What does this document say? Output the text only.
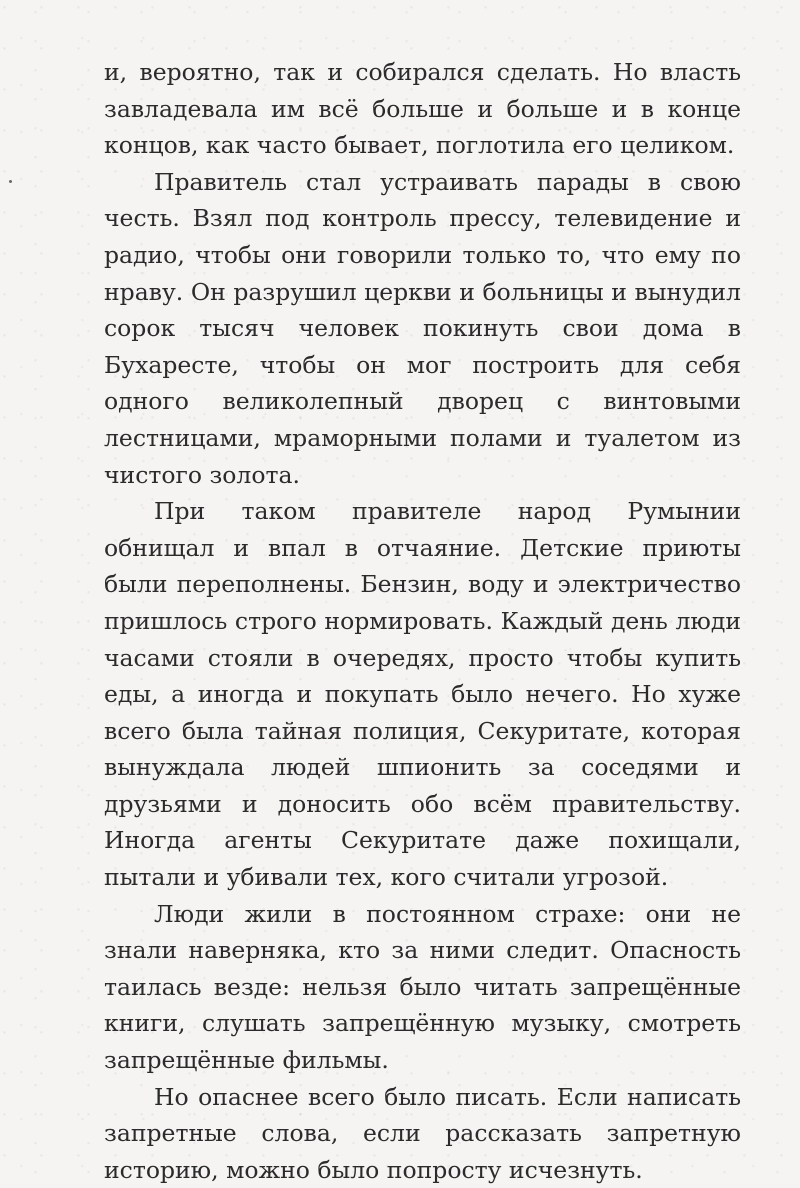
и, вероятно, так и собирался сделать. Но власть завладевала им всё больше и больше и в конце концов, как часто бывает, поглотила его целиком.

Правитель стал устраивать парады в свою честь. Взял под контроль прессу, телевидение и радио, чтобы они говорили только то, что ему по нраву. Он разрушил церкви и больницы и вынудил сорок тысяч человек покинуть свои дома в Бухаресте, чтобы он мог построить для себя одного великолепный дворец с винтовыми лестницами, мраморными полами и туалетом из чистого золота.

При таком правителе народ Румынии обнищал и впал в отчаяние. Детские приюты были переполнены. Бензин, воду и электричество пришлось строго нормировать. Каждый день люди часами стояли в очередях, просто чтобы купить еды, а иногда и покупать было нечего. Но хуже всего была тайная полиция, Секуритате, которая вынуждала людей шпионить за соседями и друзьями и доносить обо всём правительству. Иногда агенты Секуритате даже похищали, пытали и убивали тех, кого считали угрозой.

Люди жили в постоянном страхе: они не знали наверняка, кто за ними следит. Опасность таилась везде: нельзя было читать запрещённые книги, слушать запрещённую музыку, смотреть запрещённые фильмы.

Но опаснее всего было писать. Если написать запретные слова, если рассказать запретную историю, можно было попросту исчезнуть.
